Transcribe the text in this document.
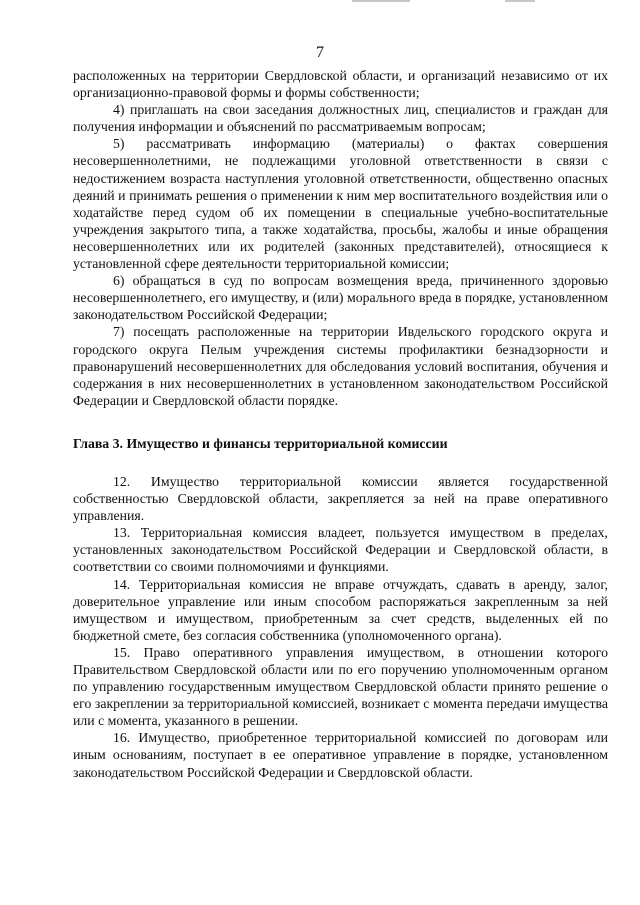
7

расположенных на территории Свердловской области, и организаций независимо от их организационно-правовой формы и формы собственности;

4) приглашать на свои заседания должностных лиц, специалистов и граждан для получения информации и объяснений по рассматриваемым вопросам;

5) рассматривать информацию (материалы) о фактах совершения несовершеннолетними, не подлежащими уголовной ответственности в связи с недостижением возраста наступления уголовной ответственности, общественно опасных деяний и принимать решения о применении к ним мер воспитательного воздействия или о ходатайстве перед судом об их помещении в специальные учебно-воспитательные учреждения закрытого типа, а также ходатайства, просьбы, жалобы и иные обращения несовершеннолетних или их родителей (законных представителей), относящиеся к установленной сфере деятельности территориальной комиссии;

6) обращаться в суд по вопросам возмещения вреда, причиненного здоровью несовершеннолетнего, его имуществу, и (или) морального вреда в порядке, установленном законодательством Российской Федерации;

7) посещать расположенные на территории Ивдельского городского округа и городского округа Пелым учреждения системы профилактики безнадзорности и правонарушений несовершеннолетних для обследования условий воспитания, обучения и содержания в них несовершеннолетних в установленном законодательством Российской Федерации и Свердловской области порядке.

Глава 3. Имущество и финансы территориальной комиссии

12. Имущество территориальной комиссии является государственной собственностью Свердловской области, закрепляется за ней на праве оперативного управления.

13. Территориальная комиссия владеет, пользуется имуществом в пределах, установленных законодательством Российской Федерации и Свердловской области, в соответствии со своими полномочиями и функциями.

14. Территориальная комиссия не вправе отчуждать, сдавать в аренду, залог, доверительное управление или иным способом распоряжаться закрепленным за ней имуществом и имуществом, приобретенным за счет средств, выделенных ей по бюджетной смете, без согласия собственника (уполномоченного органа).

15. Право оперативного управления имуществом, в отношении которого Правительством Свердловской области или по его поручению уполномоченным органом по управлению государственным имуществом Свердловской области принято решение о его закреплении за территориальной комиссией, возникает с момента передачи имущества или с момента, указанного в решении.

16. Имущество, приобретенное территориальной комиссией по договорам или иным основаниям, поступает в ее оперативное управление в порядке, установленном законодательством Российской Федерации и Свердловской области.
